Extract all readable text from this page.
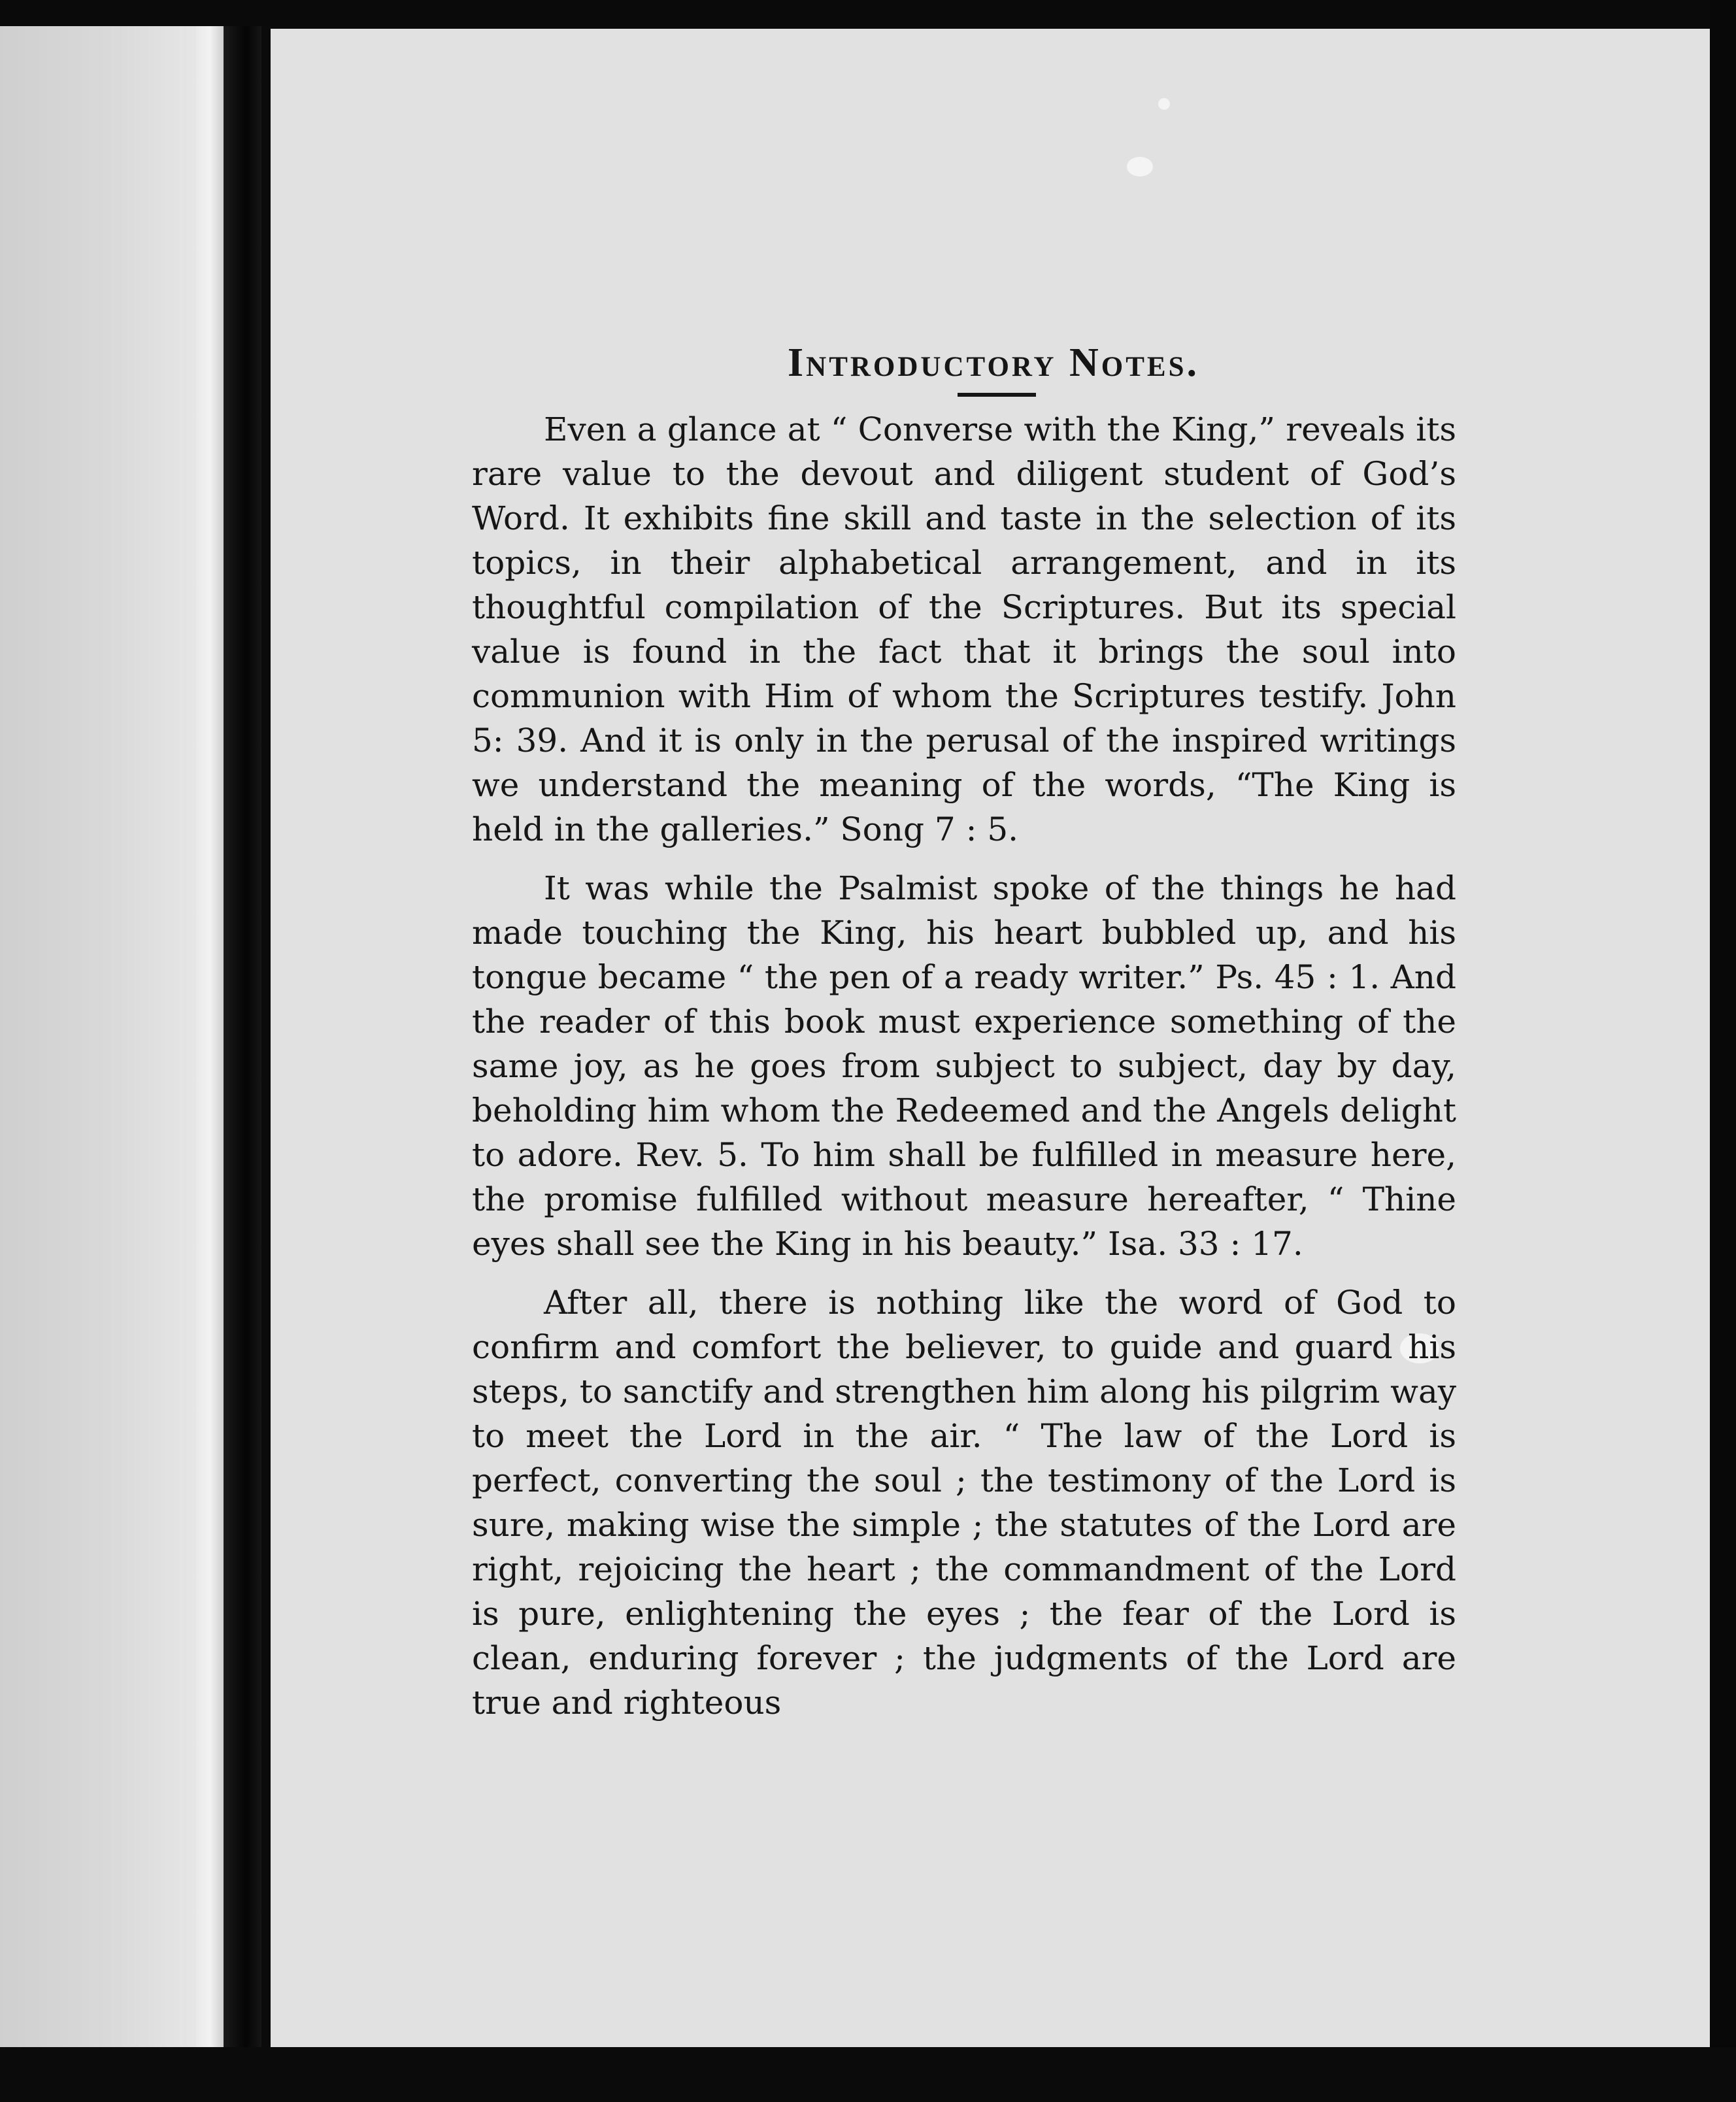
Introductory Notes.

Even a glance at “ Converse with the King,” reveals its rare value to the devout and diligent student of God’s Word. It exhibits fine skill and taste in the selection of its topics, in their alphabetical arrangement, and in its thoughtful compilation of the Scriptures. But its special value is found in the fact that it brings the soul into communion with Him of whom the Scriptures testify. John 5: 39. And it is only in the perusal of the inspired writings we understand the meaning of the words, “The King is held in the galleries.” Song 7 : 5.

It was while the Psalmist spoke of the things he had made touching the King, his heart bubbled up, and his tongue became “ the pen of a ready writer.” Ps. 45 : 1. And the reader of this book must experience something of the same joy, as he goes from subject to subject, day by day, beholding him whom the Redeemed and the Angels delight to adore. Rev. 5. To him shall be fulfilled in measure here, the promise fulfilled without measure hereafter, “ Thine eyes shall see the King in his beauty.” Isa. 33 : 17.

After all, there is nothing like the word of God to confirm and comfort the believer, to guide and guard his steps, to sanctify and strengthen him along his pilgrim way to meet the Lord in the air. “ The law of the Lord is perfect, converting the soul ; the testimony of the Lord is sure, making wise the simple ; the statutes of the Lord are right, rejoicing the heart ; the commandment of the Lord is pure, enlightening the eyes ; the fear of the Lord is clean, enduring forever ; the judgments of the Lord are true and righteous
